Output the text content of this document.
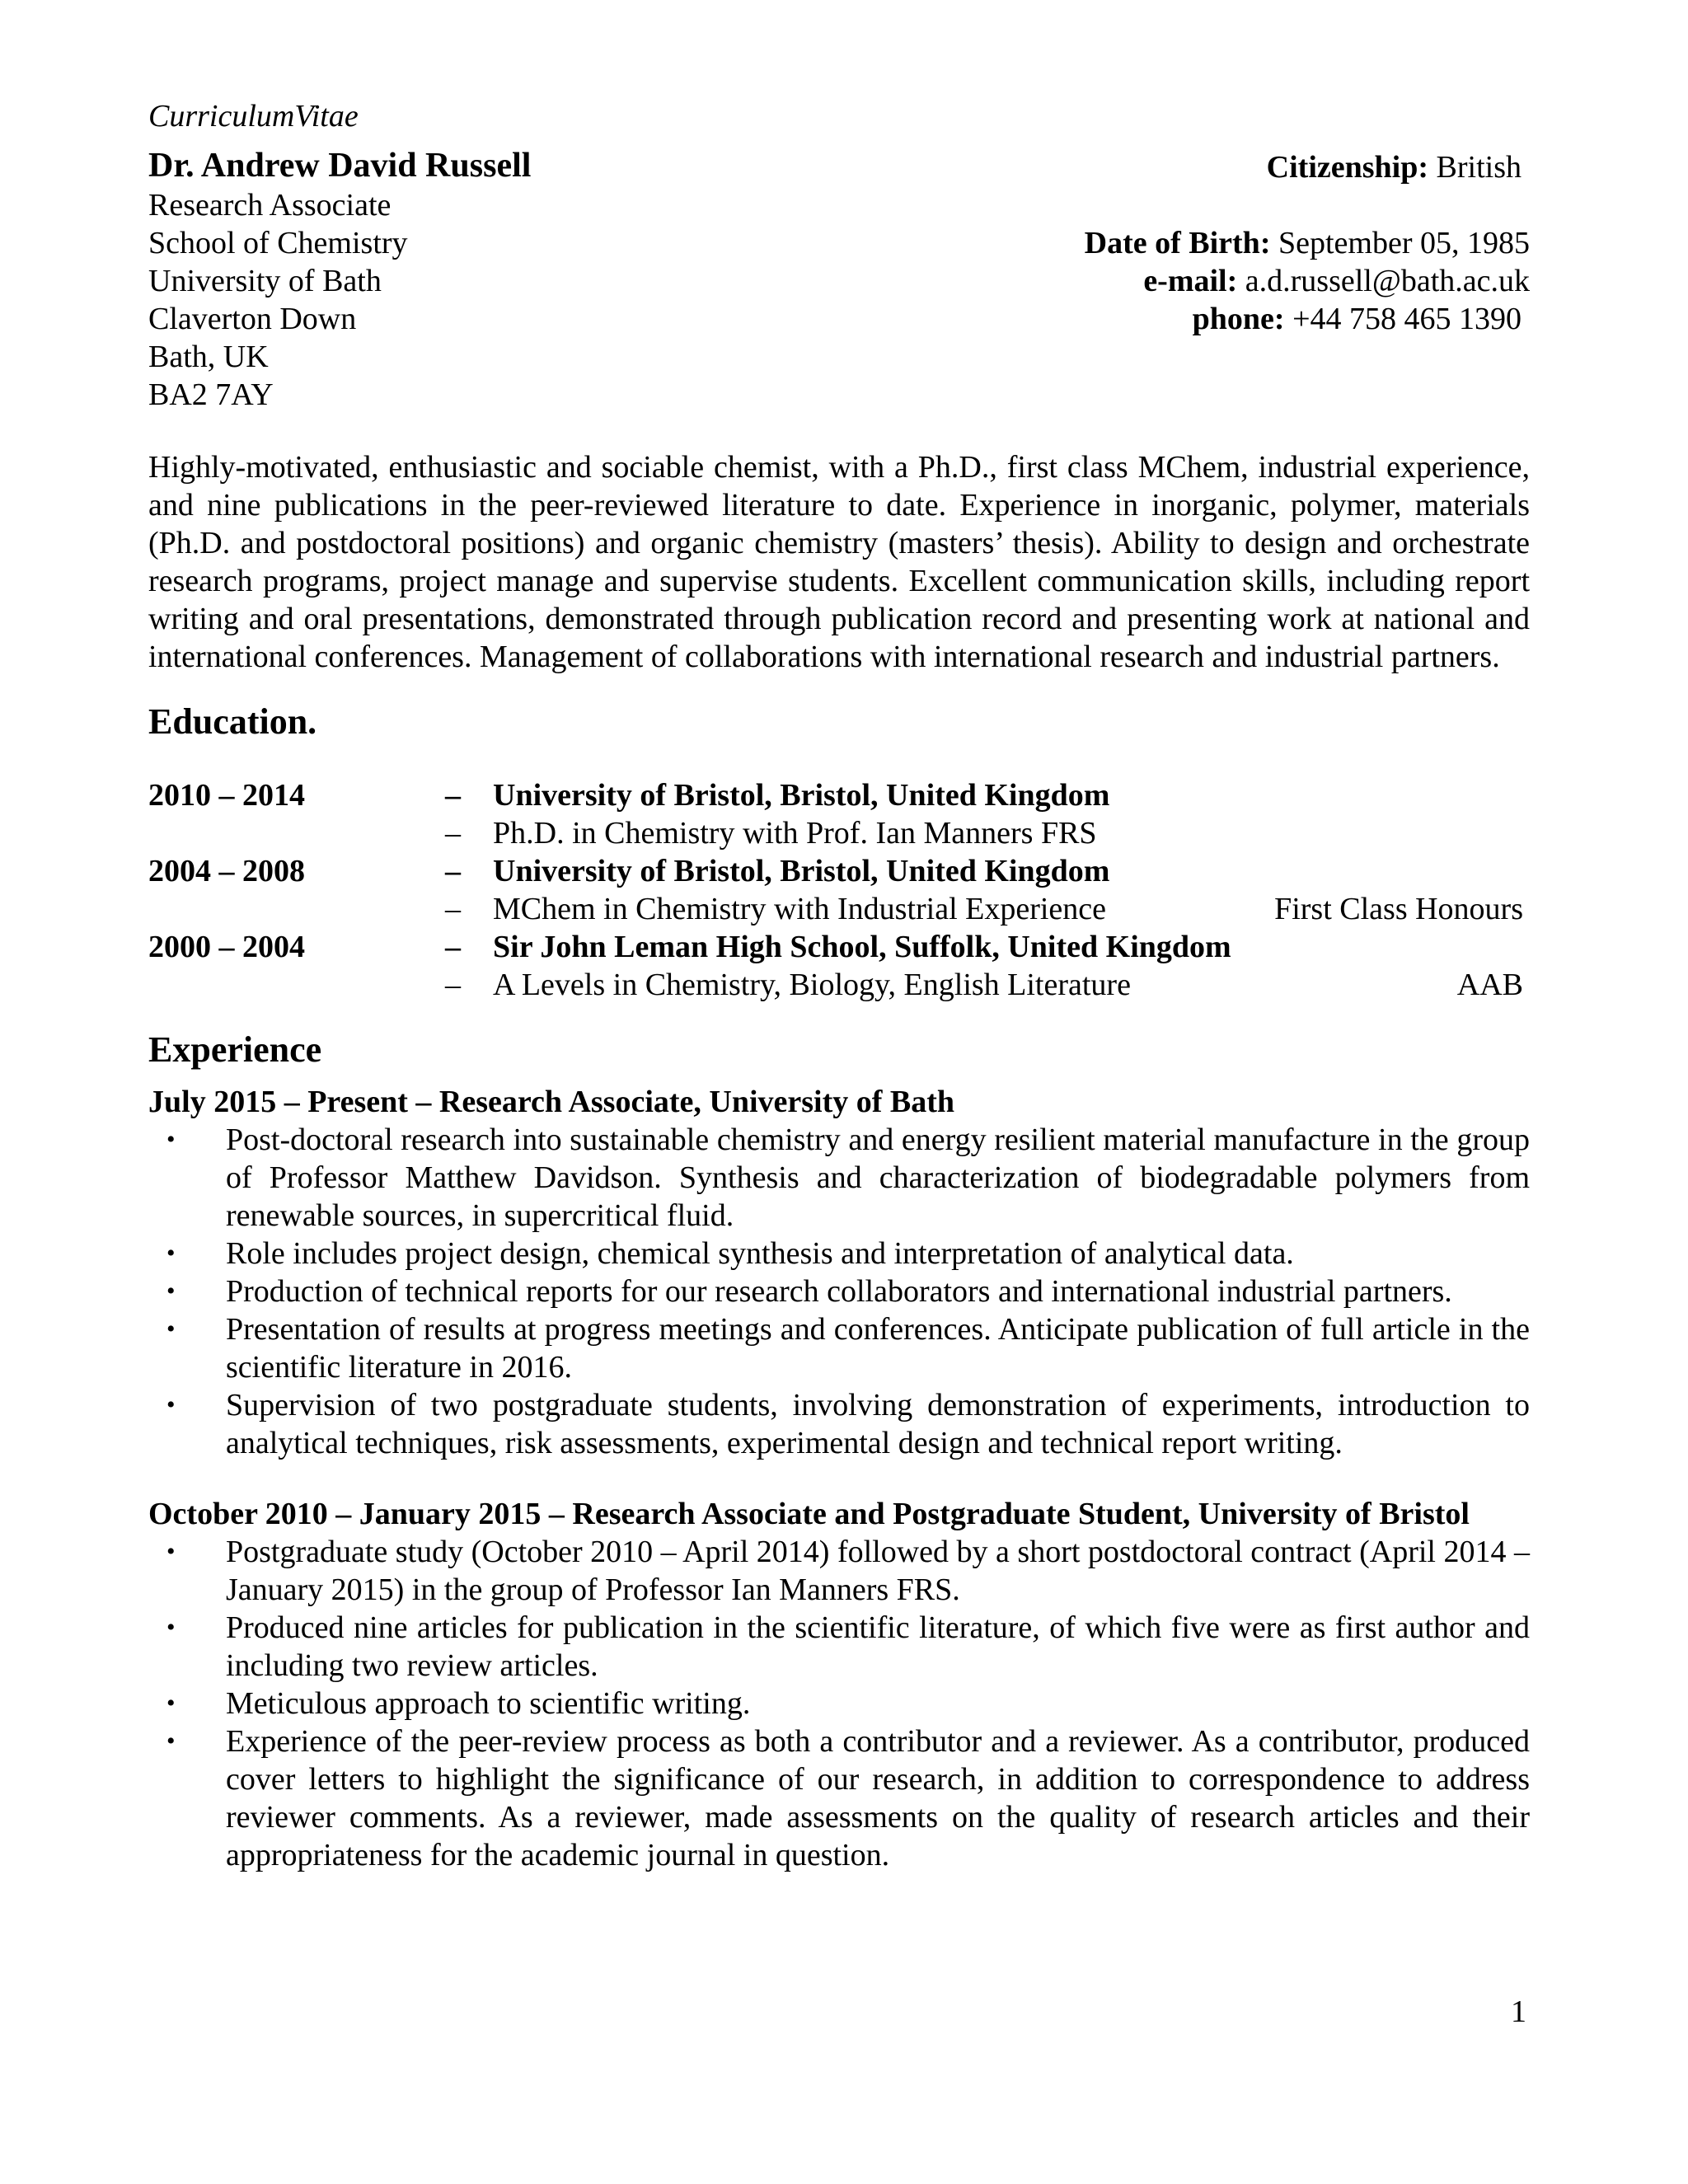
CurriculumVitae
Dr. Andrew David Russell
Research Associate
School of Chemistry
University of Bath
Claverton Down
Bath, UK
BA2 7AY
Citizenship: British
Date of Birth: September 05, 1985
e-mail: a.d.russell@bath.ac.uk
phone: +44 758 465 1390
Highly-motivated, enthusiastic and sociable chemist, with a Ph.D., first class MChem, industrial experience, and nine publications in the peer-reviewed literature to date. Experience in inorganic, polymer, materials (Ph.D. and postdoctoral positions) and organic chemistry (masters’ thesis). Ability to design and orchestrate research programs, project manage and supervise students. Excellent communication skills, including report writing and oral presentations, demonstrated through publication record and presenting work at national and international conferences. Management of collaborations with international research and industrial partners.
Education.
2010 – 2014	– University of Bristol, Bristol, United Kingdom
– Ph.D. in Chemistry with Prof. Ian Manners FRS
2004 – 2008	– University of Bristol, Bristol, United Kingdom
– MChem in Chemistry with Industrial Experience	First Class Honours
2000 – 2004	– Sir John Leman High School, Suffolk, United Kingdom
– A Levels in Chemistry, Biology, English Literature	AAB
Experience
July 2015 – Present – Research Associate, University of Bath
• Post-doctoral research into sustainable chemistry and energy resilient material manufacture in the group of Professor Matthew Davidson. Synthesis and characterization of biodegradable polymers from renewable sources, in supercritical fluid.
• Role includes project design, chemical synthesis and interpretation of analytical data.
• Production of technical reports for our research collaborators and international industrial partners.
• Presentation of results at progress meetings and conferences. Anticipate publication of full article in the scientific literature in 2016.
• Supervision of two postgraduate students, involving demonstration of experiments, introduction to analytical techniques, risk assessments, experimental design and technical report writing.
October 2010 – January 2015 – Research Associate and Postgraduate Student, University of Bristol
• Postgraduate study (October 2010 – April 2014) followed by a short postdoctoral contract (April 2014 – January 2015) in the group of Professor Ian Manners FRS.
• Produced nine articles for publication in the scientific literature, of which five were as first author and including two review articles.
• Meticulous approach to scientific writing.
• Experience of the peer-review process as both a contributor and a reviewer. As a contributor, produced cover letters to highlight the significance of our research, in addition to correspondence to address reviewer comments. As a reviewer, made assessments on the quality of research articles and their appropriateness for the academic journal in question.
1
